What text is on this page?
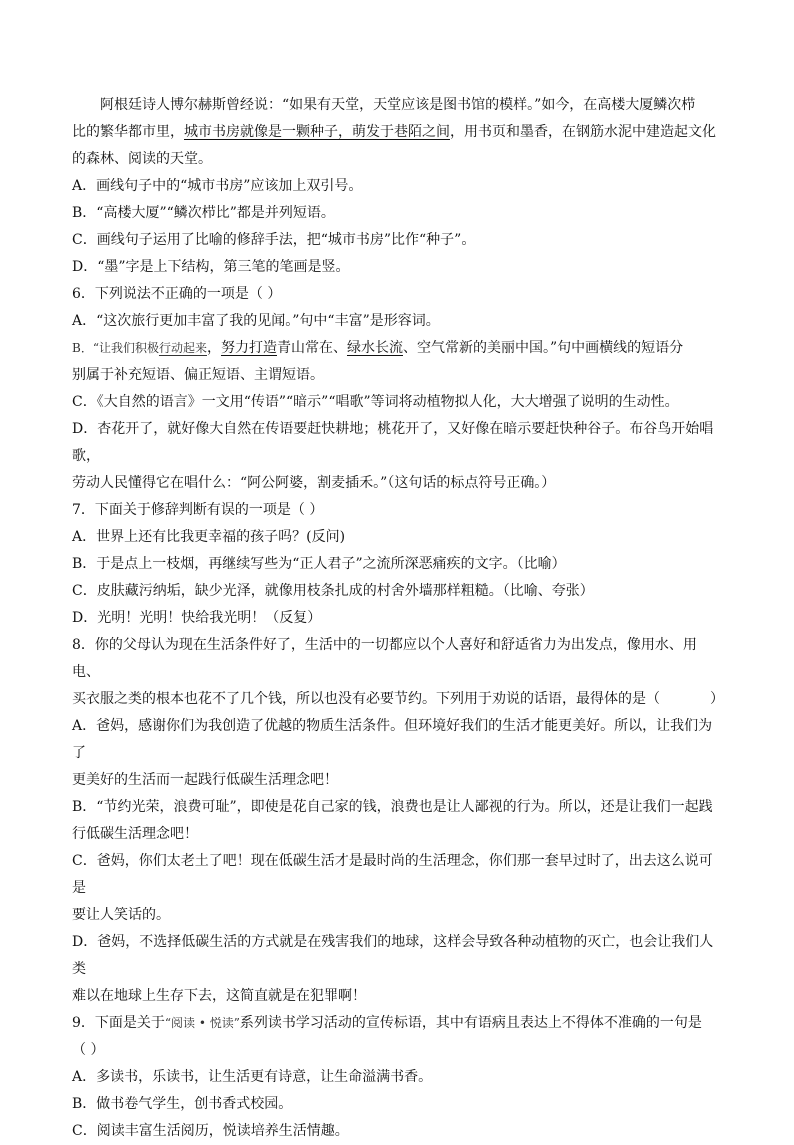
阿根廷诗人博尔赫斯曾经说：“如果有天堂，天堂应该是图书馆的模样。”如今，在高楼大厦鳞次栉

比的繁华都市里，城市书房就像是一颗种子，萌发于巷陌之间，用书页和墨香，在钢筋水泥中建造起文化

的森林、阅读的天堂。

A．画线句子中的“城市书房”应该加上双引号。

B．“高楼大厦”“鳞次栉比”都是并列短语。

C．画线句子运用了比喻的修辞手法，把“城市书房”比作“种子”。

D．“墨”字是上下结构，第三笔的笔画是竖。

6．下列说法不正确的一项是（ ）

A．“这次旅行更加丰富了我的见闻。”句中“丰富”是形容词。

B．“让我们积极行动起来，努力打造青山常在、绿水长流、空气常新的美丽中国。”句中画横线的短语分

别属于补充短语、偏正短语、主谓短语。

C．《大自然的语言》一文用“传语”“暗示”“唱歌”等词将动植物拟人化，大大增强了说明的生动性。

D．杏花开了，就好像大自然在传语要赶快耕地；桃花开了，又好像在暗示要赶快种谷子。布谷鸟开始唱歌，

劳动人民懂得它在唱什么：“阿公阿婆，割麦插禾。”（这句话的标点符号正确。）

7．下面关于修辞判断有误的一项是（ ）

A．世界上还有比我更幸福的孩子吗？(反问)

B．于是点上一枝烟，再继续写些为“正人君子”之流所深恶痛疾的文字。（比喻）

C．皮肤藏污纳垢，缺少光泽，就像用枝条扎成的村舍外墙那样粗糙。（比喻、夸张）

D．光明！光明！快给我光明！（反复）

8．你的父母认为现在生活条件好了，生活中的一切都应以个人喜好和舒适省力为出发点，像用水、用电、

买衣服之类的根本也花不了几个钱，所以也没有必要节约。下列用于劝说的话语，最得体的是（	）

A．爸妈，感谢你们为我创造了优越的物质生活条件。但环境好我们的生活才能更美好。所以，让我们为了

更美好的生活而一起践行低碳生活理念吧！

B．“节约光荣，浪费可耻”，即使是花自己家的钱，浪费也是让人鄙视的行为。所以，还是让我们一起践

行低碳生活理念吧！

C．爸妈，你们太老土了吧！现在低碳生活才是最时尚的生活理念，你们那一套早过时了，出去这么说可是

要让人笑话的。

D．爸妈，不选择低碳生活的方式就是在残害我们的地球，这样会导致各种动植物的灭亡，也会让我们人类

难以在地球上生存下去，这简直就是在犯罪啊！

9．下面是关于“阅读 • 悦读”系列读书学习活动的宣传标语，其中有语病且表达上不得体不准确的一句是

（ ）

A．多读书，乐读书，让生活更有诗意，让生命溢满书香。

B．做书卷气学生，创书香式校园。

C．阅读丰富生活阅历，悦读培养生活情趣。
